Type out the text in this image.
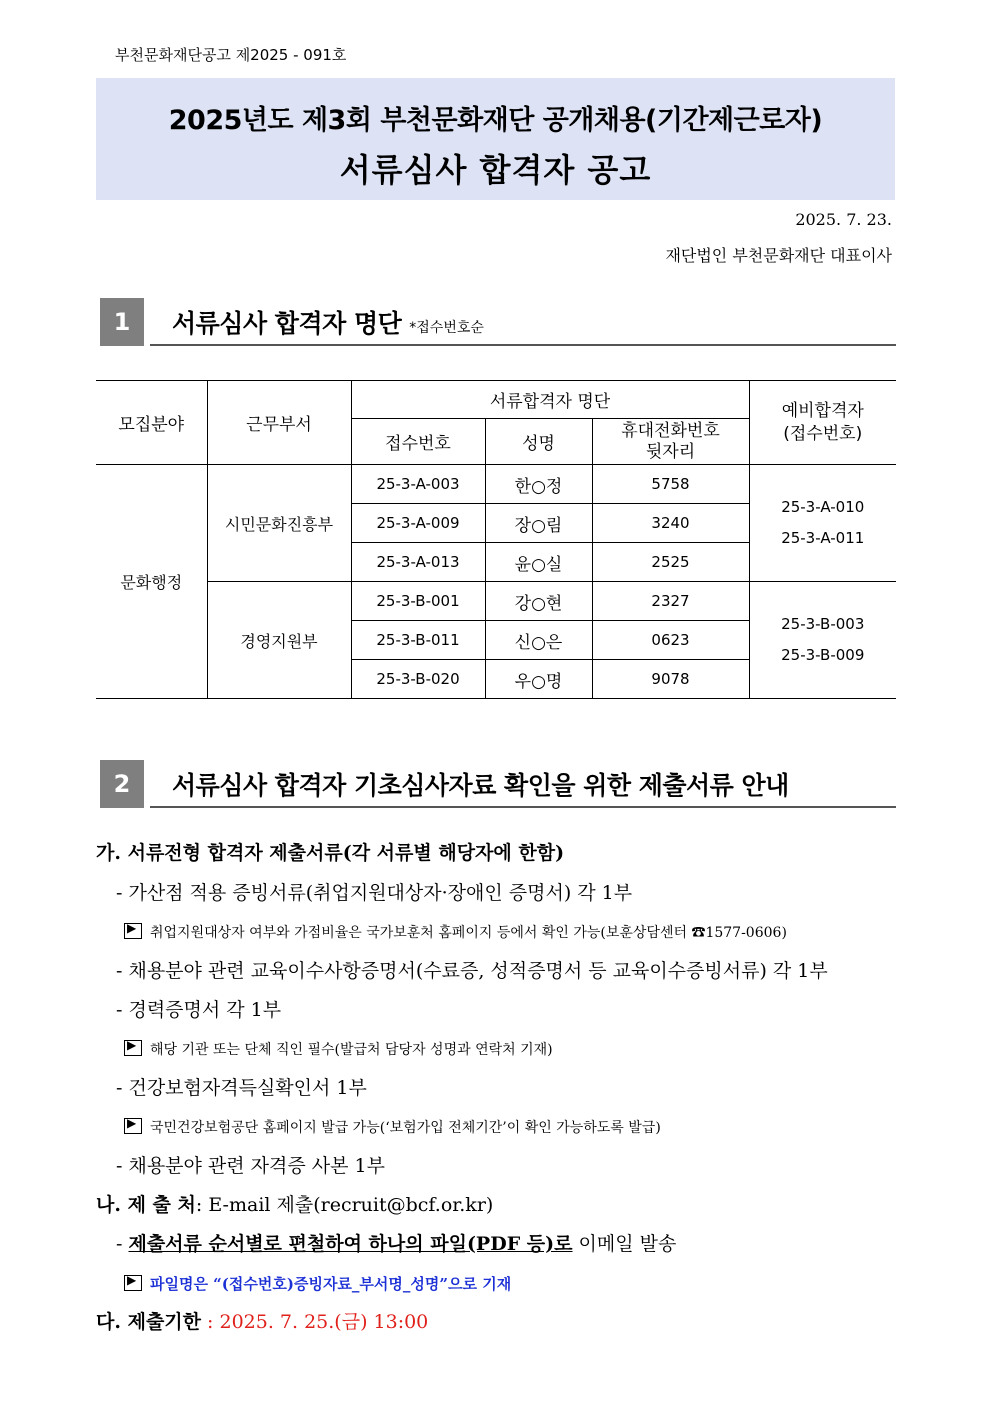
부천문화재단공고 제2025 - 091호
2025년도 제3회 부천문화재단 공개채용(기간제근로자)
서류심사 합격자 공고
2025. 7. 23.
재단법인 부천문화재단 대표이사
1	서류심사 합격자 명단 *접수번호순
모집분야	근무부서	서류합격자 명단			예비합격자
(접수번호)
		접수번호	성명	휴대전화번호
뒷자리	
문화행정	시민문화진흥부	25-3-A-003	한○정	5758	25-3-A-010
25-3-A-011

		25-3-A-009	장○림	3240	
		25-3-A-013	윤○실	2525	
	경영지원부	25-3-B-001	강○현	2327	25-3-B-003
25-3-B-009

		25-3-B-011	신○은	0623	
		25-3-B-020	우○명	9078	
2	서류심사 합격자 기초심사자료 확인을 위한 제출서류 안내
가. 서류전형 합격자 제출서류(각 서류별 해당자에 한함)
- 가산점 적용 증빙서류(취업지원대상자·장애인 증명서) 각 1부
▶취업지원대상자 여부와 가점비율은 국가보훈처 홈페이지 등에서 확인 가능(보훈상담센터 ☎1577-0606)
- 채용분야 관련 교육이수사항증명서(수료증, 성적증명서 등 교육이수증빙서류) 각 1부
- 경력증명서 각 1부
▶해당 기관 또는 단체 직인 필수(발급처 담당자 성명과 연락처 기재)
- 건강보험자격득실확인서 1부
▶국민건강보험공단 홈페이지 발급 가능(‘보험가입 전체기간’이 확인 가능하도록 발급)
- 채용분야 관련 자격증 사본 1부
나. 제 출 처: E-mail 제출(recruit@bcf.or.kr)
- 제출서류 순서별로 편철하여 하나의 파일(PDF 등)로 이메일 발송
▶파일명은 “(접수번호)증빙자료_부서명_성명”으로 기재
다. 제출기한 : 2025. 7. 25.(금) 13:00
